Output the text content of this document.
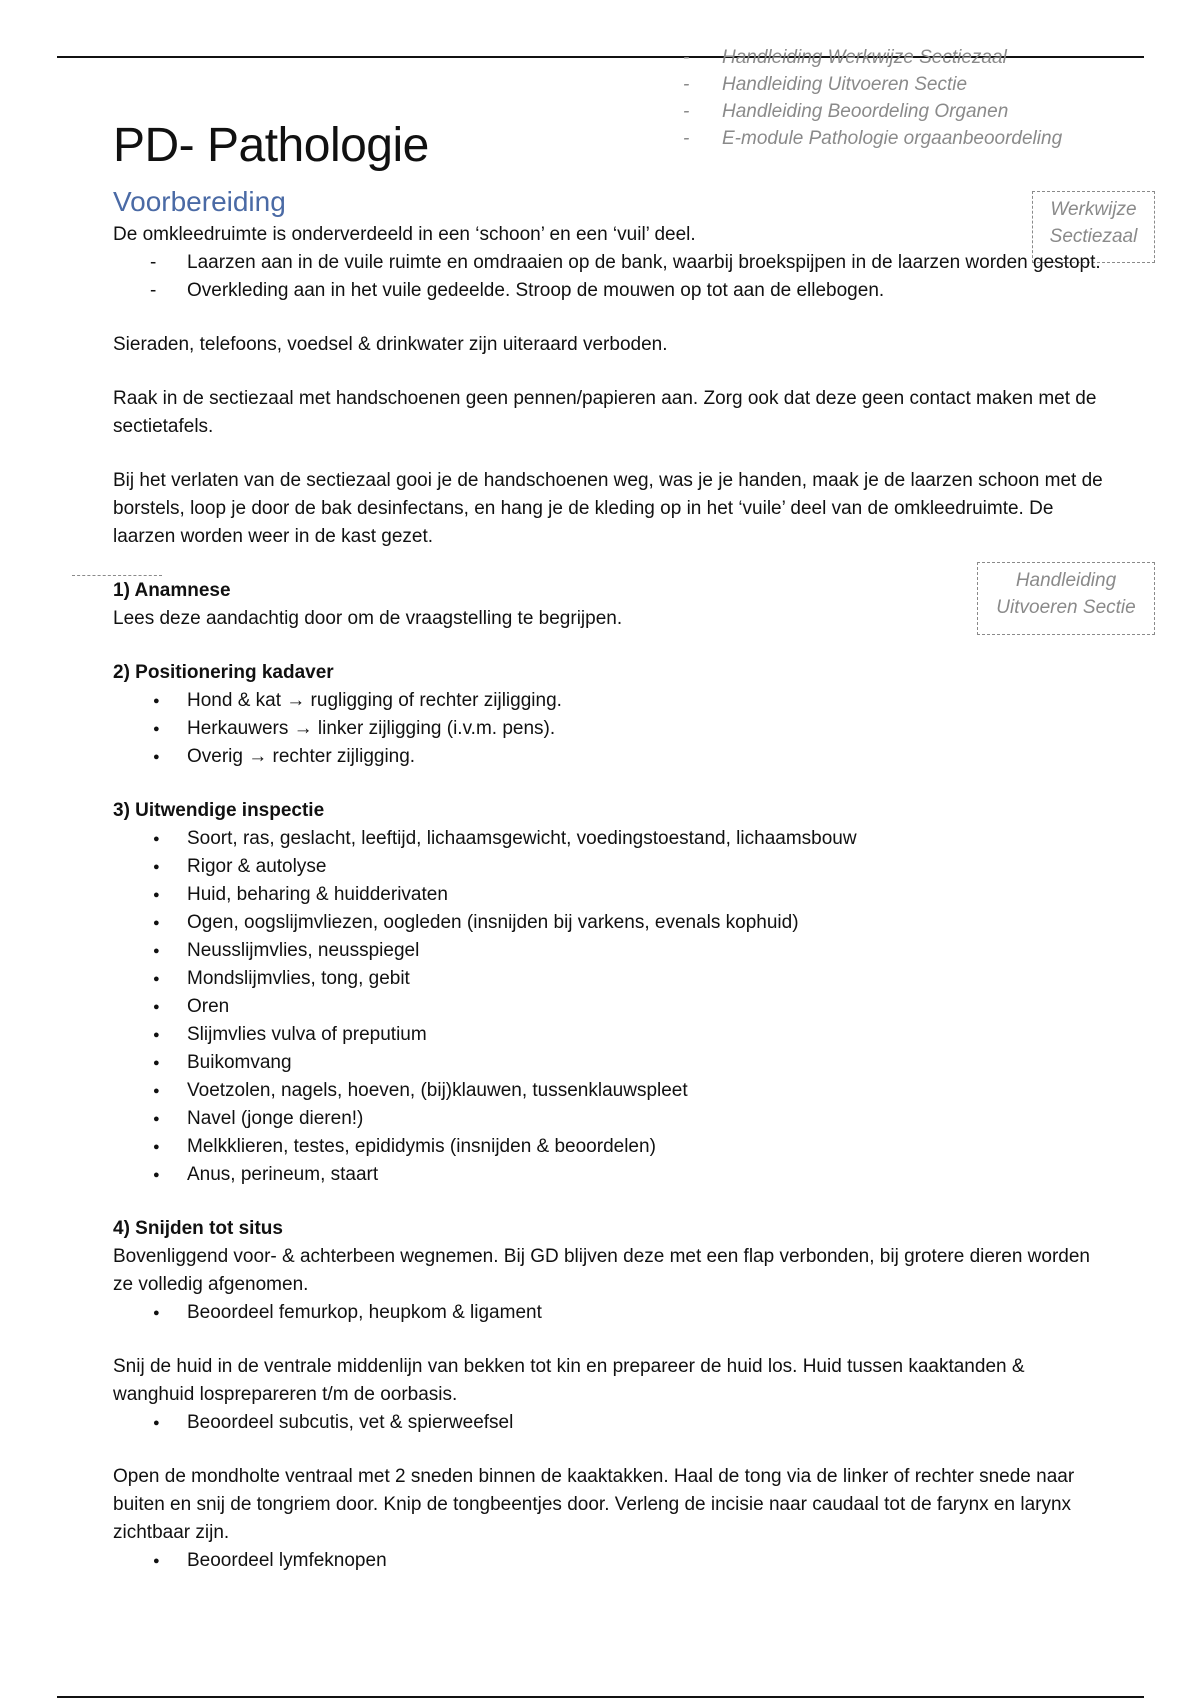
- Handleiding Werkwijze Sectiezaal
- Handleiding Uitvoeren Sectie
- Handleiding Beoordeling Organen
- E-module Pathologie orgaanbeoordeling
PD- Pathologie
Voorbereiding	Werkwijze
Sectiezaal
Handleiding
Uitvoeren Sectie

De omkleedruimte is onderverdeeld in een ‘schoon’ en een ‘vuil’ deel.

- Laarzen aan in de vuile ruimte en omdraaien op de bank, waarbij broekspijpen in de laarzen worden gestopt.
- Overkleding aan in het vuile gedeelde. Stroop de mouwen op tot aan de ellebogen.

Sieraden, telefoons, voedsel & drinkwater zijn uiteraard verboden.

Raak in de sectiezaal met handschoenen geen pennen/papieren aan. Zorg ook dat deze geen contact maken met de sectietafels.

Bij het verlaten van de sectiezaal gooi je de handschoenen weg, was je je handen, maak je de laarzen schoon met de borstels, loop je door de bak desinfectans, en hang je de kleding op in het ‘vuile’ deel van de omkleedruimte. De laarzen worden weer in de kast gezet.

1) Anamnese

Lees deze aandachtig door om de vraagstelling te begrijpen.

2) Positionering kadaver

● Hond & kat → rugligging of rechter zijligging.
● Herkauwers → linker zijligging (i.v.m. pens).
● Overig → rechter zijligging.

3) Uitwendige inspectie

● Soort, ras, geslacht, leeftijd, lichaamsgewicht, voedingstoestand, lichaamsbouw
● Rigor & autolyse
● Huid, beharing & huidderivaten
● Ogen, oogslijmvliezen, oogleden (insnijden bij varkens, evenals kophuid)
● Neusslijmvlies, neusspiegel
● Mondslijmvlies, tong, gebit
● Oren
● Slijmvlies vulva of preputium
● Buikomvang
● Voetzolen, nagels, hoeven, (bij)klauwen, tussenklauwspleet
● Navel (jonge dieren!)
● Melkklieren, testes, epididymis (insnijden & beoordelen)
● Anus, perineum, staart

4) Snijden tot situs

Bovenliggend voor- & achterbeen wegnemen. Bij GD blijven deze met een flap verbonden, bij grotere dieren worden ze volledig afgenomen.

● Beoordeel femurkop, heupkom & ligament

Snij de huid in de ventrale middenlijn van bekken tot kin en prepareer de huid los. Huid tussen kaaktanden & wanghuid losprepareren t/m de oorbasis.

● Beoordeel subcutis, vet & spierweefsel

Open de mondholte ventraal met 2 sneden binnen de kaaktakken. Haal de tong via de linker of rechter snede naar buiten en snij de tongriem door. Knip de tongbeentjes door. Verleng de incisie naar caudaal tot de farynx en larynx zichtbaar zijn.

● Beoordeel lymfeknopen
